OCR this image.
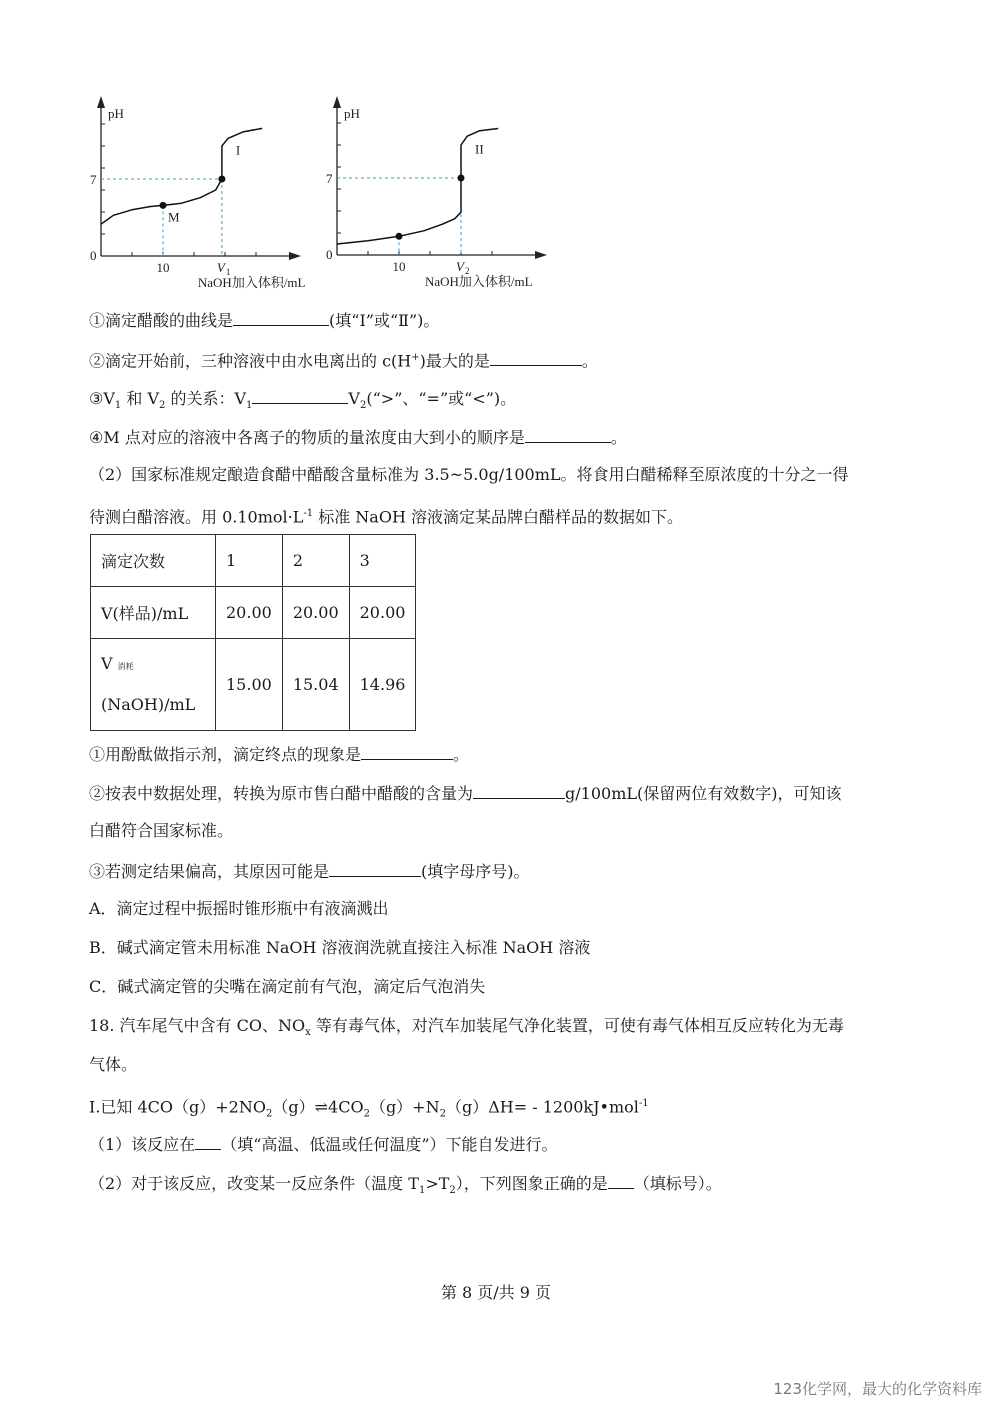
pH
0
7
10	V 1
NaOH加入体积/mL
M
I
pH
0
7
10	V 2
NaOH加入体积/mL
II
①滴定醋酸的曲线是	(填“I”或“Ⅱ”)。
②滴定开始前，三种溶液中由水电离出的 c(H+)最大的是	。
$③V_1$ 和 $V_2$ 的关系：$V_1$	$V_2(“>$”、“=”或“<”)。
④M 点对应的溶液中各离子的物质的量浓度由大到小的顺序是	。
（2）国家标准规定酿造食醋中醋酸含量标准为 3.5~5.0g/100mL。将食用白醋稀释至原浓度的十分之一得
待测白醋溶液。用 $0.10mol\cdot L^{-1}$ 标准 NaOH 溶液滴定某品牌白醋样品的数据如下。
滴定次数	1	2	3
V(样品)/mL	20.00	20.00	20.00
V 消耗
(NaOH)/mL	15.00	15.04	14.96
①用酚酞做指示剂，滴定终点的现象是	。
②按表中数据处理，转换为原市售白醋中醋酸的含量为	g/100mL(保留两位有效数字)，可知该
白醋符合国家标准。
③若测定结果偏高，其原因可能是	(填字母序号)。
A．滴定过程中振摇时锥形瓶中有液滴溅出
B．碱式滴定管未用标准 NaOH 溶液润洗就直接注入标准 NaOH 溶液
C．碱式滴定管的尖嘴在滴定前有气泡，滴定后气泡消失
18. 汽车尾气中含有 CO、$NO_x$ 等有毒气体，对汽车加装尾气净化装置，可使有毒气体相互反应转化为无毒
气体。
I.已知 $4CO(g)+2NO_2(g)\rightleftharpoons 4CO_2(g)+N_2(g)\Delta H=$ - 1200kJ•mol$^{-1}$
（1）该反应在 （填“高温、低温或任何温度”）下能自发进行。
（2）对于该反应，改变某一反应条件（温度 $T_1>T_2$），下列图象正确的是 （填标号）。
第 8 页/共 9 页
123化学网，最大的化学资料库
